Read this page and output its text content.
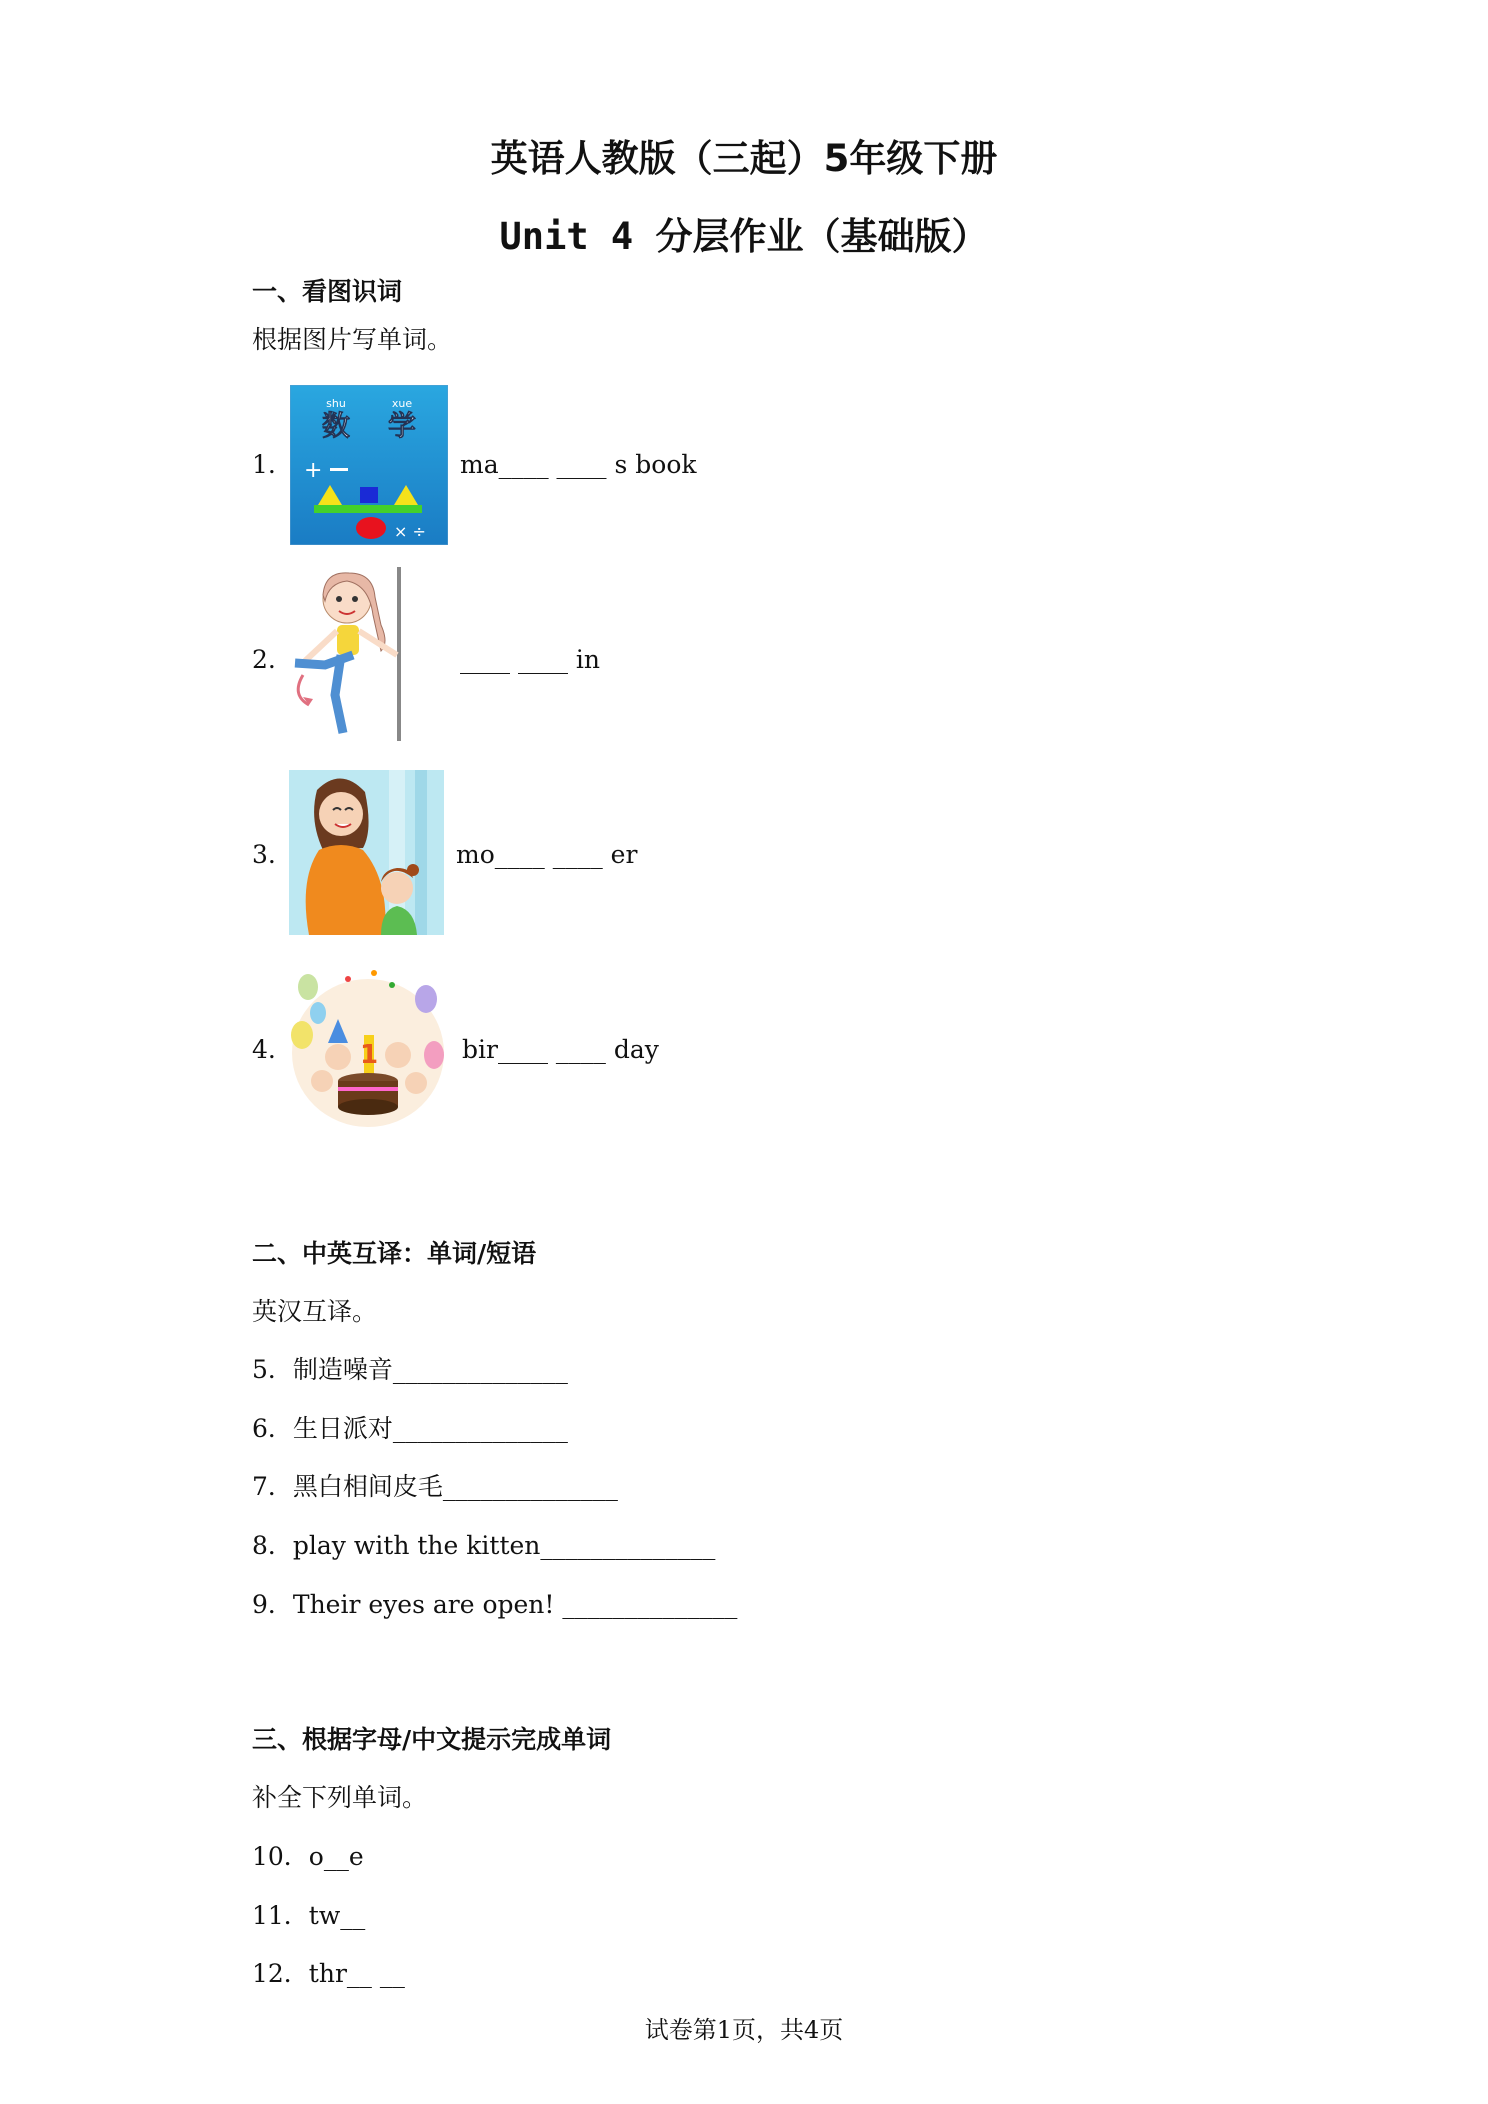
英语人教版（三起）5年级下册
Unit 4 分层作业（基础版）
一、看图识词
根据图片写单词。
1.
shu	xue
数 学
+
× ÷
ma____ ____ s book
2.	____ ____ in
3.	mo____ ____ er
4.	1	bir____ ____ day
二、中英互译：单词/短语
英汉互译。
5．制造噪音______________
6．生日派对______________
7．黑白相间皮毛______________
8．play with the kitten______________
9．Their eyes are open! ______________
三、根据字母/中文提示完成单词
补全下列单词。
10．o__e
11．tw__
12．thr__ __
试卷第1页，共4页
